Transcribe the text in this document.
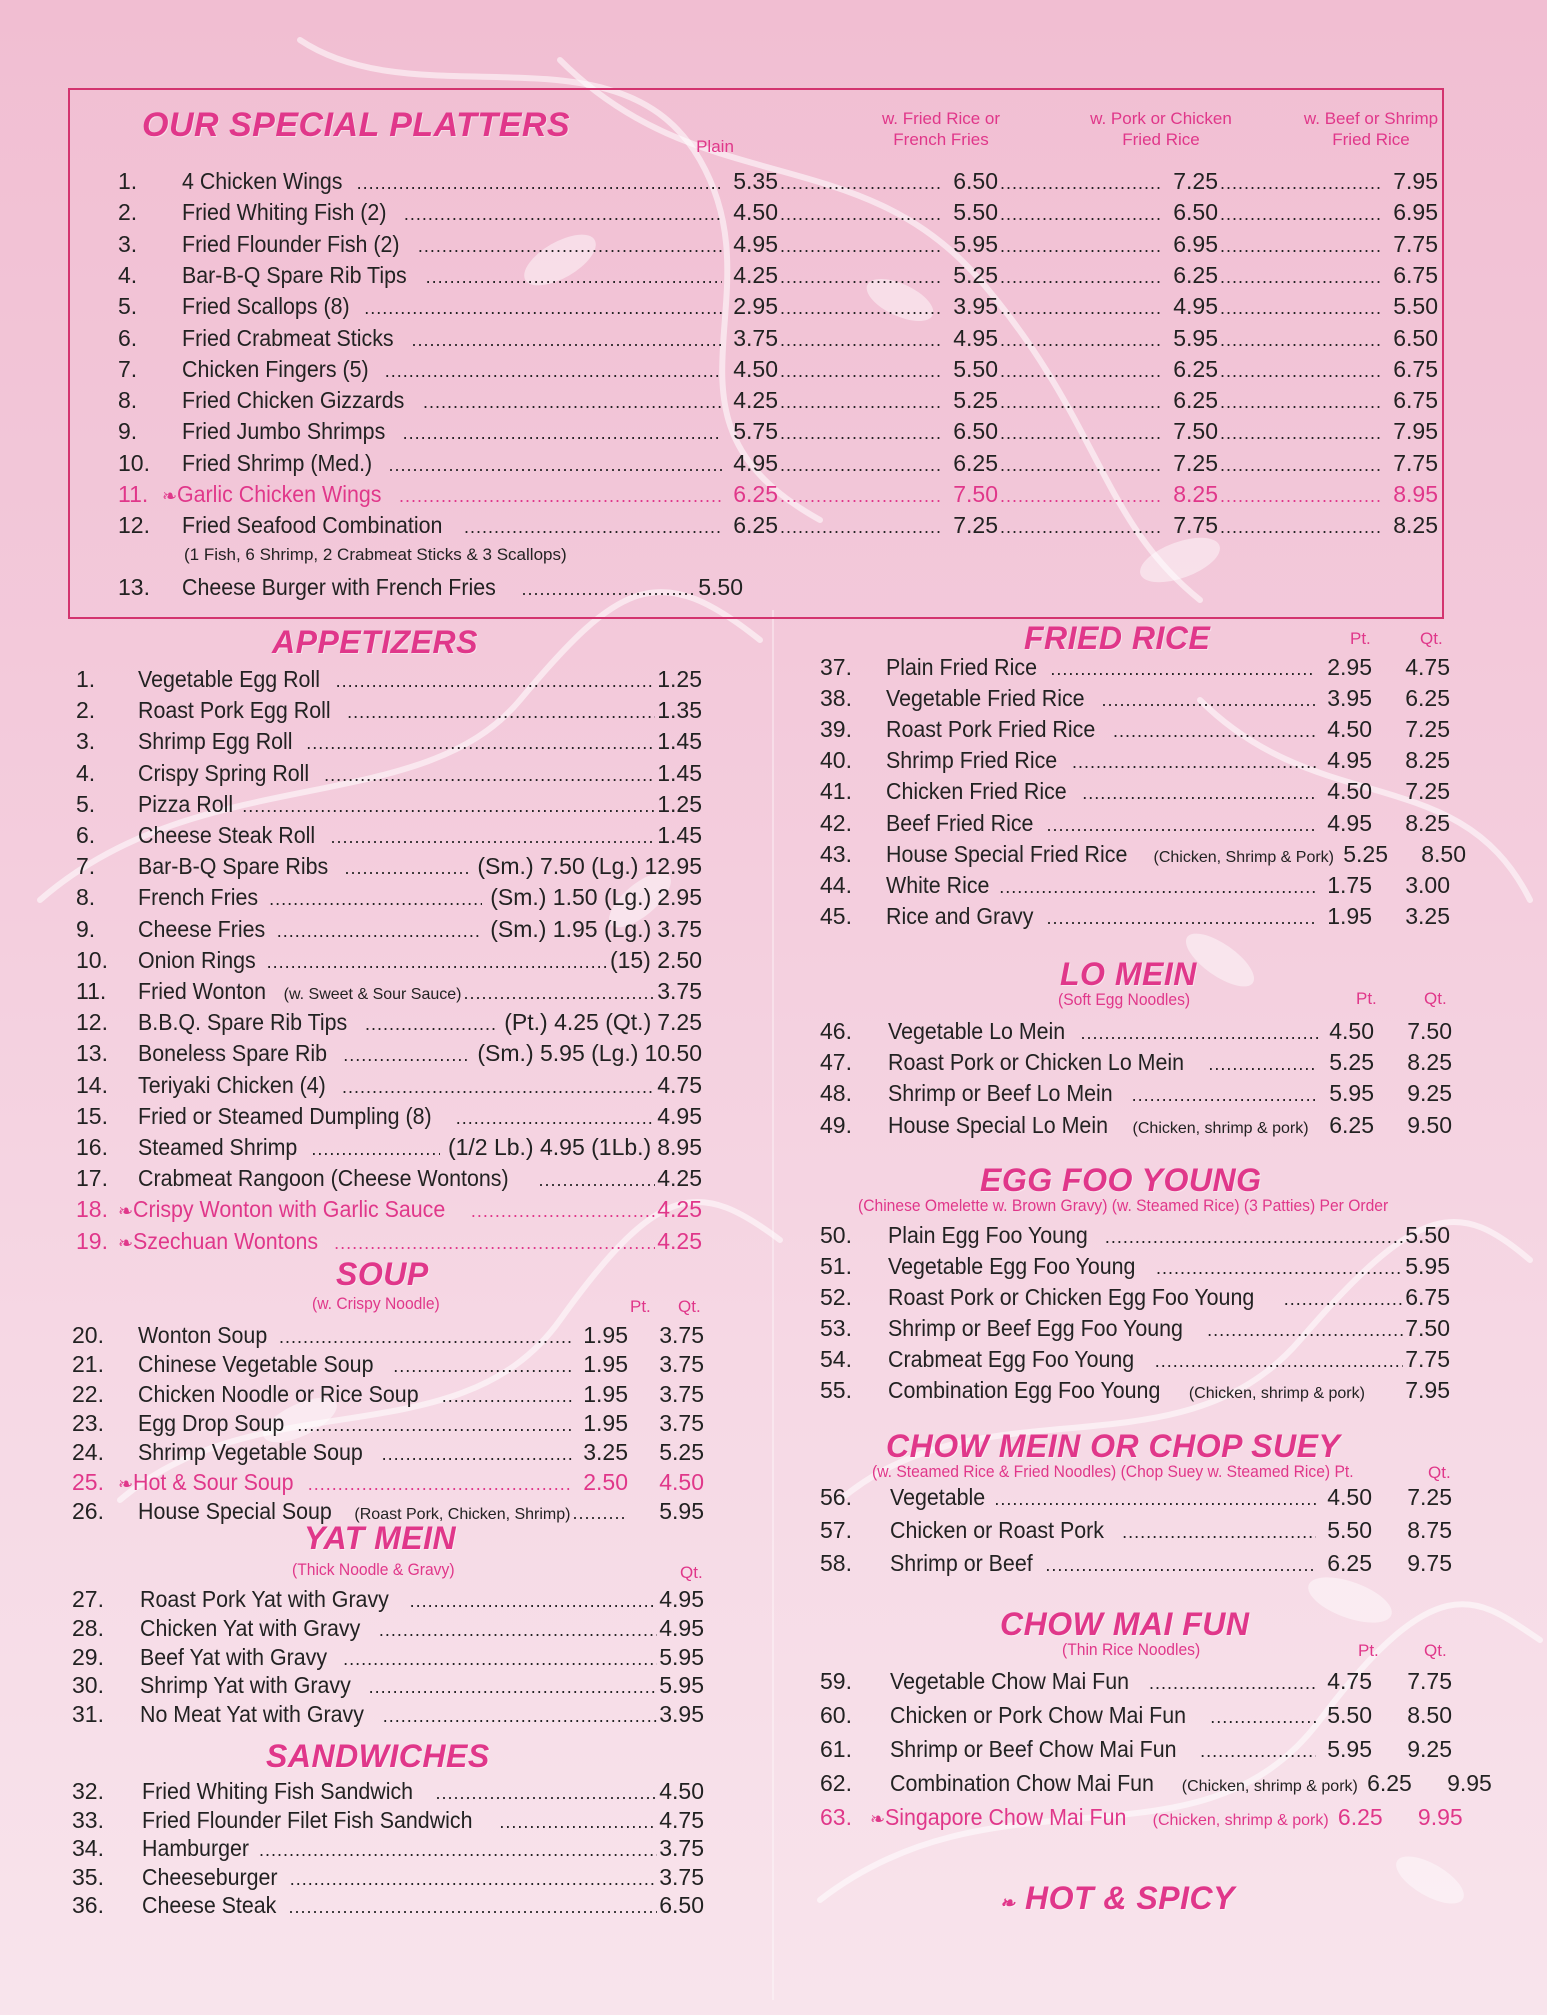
OUR SPECIAL PLATTERS
Plain
w. Fried Rice or French Fries
w. Pork or Chicken Fried Rice
w. Beef or Shrimp Fried Rice
1.	4 Chicken Wings .....	5.35 .....	6.50 .....	7.25 .....	7.95
2.	Fried Whiting Fish (2) .....	4.50 .....	5.50 .....	6.50 .....	6.95
3.	Fried Flounder Fish (2) .....	4.95 .....	5.95 .....	6.95 .....	7.75
4.	Bar-B-Q Spare Rib Tips .....	4.25 .....	5.25 .....	6.25 .....	6.75
5.	Fried Scallops (8) .....	2.95 .....	3.95 .....	4.95 .....	5.50
6.	Fried Crabmeat Sticks .....	3.75 .....	4.95 .....	5.95 .....	6.50
7.	Chicken Fingers (5) .....	4.50 .....	5.50 .....	6.25 .....	6.75
8.	Fried Chicken Gizzards .....	4.25 .....	5.25 .....	6.25 .....	6.75
9.	Fried Jumbo Shrimps .....	5.75 .....	6.50 .....	7.50 .....	7.95
10.	Fried Shrimp (Med.) .....	4.95 .....	6.25 .....	7.25 .....	7.75
11. ❧ Garlic Chicken Wings .....	6.25 .....	7.50 .....	8.25 .....	8.95
12.	Fried Seafood Combination .....	6.25 .....	7.25 .....	7.75 .....	8.25
(1 Fish, 6 Shrimp, 2 Crabmeat Sticks & 3 Scallops)
13.	Cheese Burger with French Fries .....	5.50
APPETIZERS
1.	Vegetable Egg Roll .....	1.25
2.	Roast Pork Egg Roll .....	1.35
3.	Shrimp Egg Roll .....	1.45
4.	Crispy Spring Roll .....	1.45
5.	Pizza Roll .....	1.25
6.	Cheese Steak Roll .....	1.45
7.	Bar-B-Q Spare Ribs .....	(Sm.) 7.50 (Lg.) 12.95
8.	French Fries .....	(Sm.) 1.50 (Lg.) 2.95
9.	Cheese Fries .....	(Sm.) 1.95 (Lg.) 3.75
10.	Onion Rings .....	(15) 2.50
11.	Fried Wonton (w. Sweet & Sour Sauce) .....	3.75
12.	B.B.Q. Spare Rib Tips .....	(Pt.) 4.25 (Qt.) 7.25
13.	Boneless Spare Rib .....	(Sm.) 5.95 (Lg.) 10.50
14.	Teriyaki Chicken (4) .....	4.75
15.	Fried or Steamed Dumpling (8) .....	4.95
16.	Steamed Shrimp .....	(1/2 Lb.) 4.95 (1Lb.) 8.95
17.	Crabmeat Rangoon (Cheese Wontons) .....	4.25
18. ❧ Crispy Wonton with Garlic Sauce .....	4.25
19. ❧ Szechuan Wontons .....	4.25
SOUP
(w. Crispy Noodle)	Pt. Qt.
20.	Wonton Soup .....	1.95	3.75
21.	Chinese Vegetable Soup .....	1.95	3.75
22.	Chicken Noodle or Rice Soup .....	1.95	3.75
23.	Egg Drop Soup .....	1.95	3.75
24.	Shrimp Vegetable Soup .....	3.25	5.25
25. ❧ Hot & Sour Soup .....	2.50	4.50
26.	House Special Soup (Roast Pork, Chicken, Shrimp) .....	5.95
YAT MEIN
(Thick Noodle & Gravy)	Qt.
27.	Roast Pork Yat with Gravy .....	4.95
28.	Chicken Yat with Gravy .....	4.95
29.	Beef Yat with Gravy .....	5.95
30.	Shrimp Yat with Gravy .....	5.95
31.	No Meat Yat with Gravy .....	3.95
SANDWICHES
32.	Fried Whiting Fish Sandwich .....	4.50
33.	Fried Flounder Filet Fish Sandwich .....	4.75
34.	Hamburger .....	3.75
35.	Cheeseburger .....	3.75
36.	Cheese Steak .....	6.50
FRIED RICE	Pt.	Qt.
37.	Plain Fried Rice .....	2.95	4.75
38.	Vegetable Fried Rice .....	3.95	6.25
39.	Roast Pork Fried Rice .....	4.50	7.25
40.	Shrimp Fried Rice .....	4.95	8.25
41.	Chicken Fried Rice .....	4.50	7.25
42.	Beef Fried Rice .....	4.95	8.25
43.	House Special Fried Rice (Chicken, Shrimp & Pork) 5.25	8.50
44.	White Rice .....	1.75	3.00
45.	Rice and Gravy .....	1.95	3.25
LO MEIN
(Soft Egg Noodles)	Pt.	Qt.
46.	Vegetable Lo Mein .....	4.50	7.50
47.	Roast Pork or Chicken Lo Mein .....	5.25	8.25
48.	Shrimp or Beef Lo Mein .....	5.95	9.25
49.	House Special Lo Mein (Chicken, shrimp & pork) 6.25	9.50
EGG FOO YOUNG
(Chinese Omelette w. Brown Gravy) (w. Steamed Rice) (3 Patties) Per Order
50.	Plain Egg Foo Young .....	5.50
51.	Vegetable Egg Foo Young .....	5.95
52.	Roast Pork or Chicken Egg Foo Young .....	6.75
53.	Shrimp or Beef Egg Foo Young .....	7.50
54.	Crabmeat Egg Foo Young .....	7.75
55.	Combination Egg Foo Young (Chicken, shrimp & pork) 7.95
CHOW MEIN OR CHOP SUEY
(w. Steamed Rice & Fried Noodles) (Chop Suey w. Steamed Rice) Pt.	Qt.
56.	Vegetable .....	4.50	7.25
57.	Chicken or Roast Pork .....	5.50	8.75
58.	Shrimp or Beef .....	6.25	9.75
CHOW MAI FUN
(Thin Rice Noodles)	Pt.	Qt.
59.	Vegetable Chow Mai Fun .....	4.75	7.75
60.	Chicken or Pork Chow Mai Fun .....	5.50	8.50
61.	Shrimp or Beef Chow Mai Fun .....	5.95	9.25
62.	Combination Chow Mai Fun (Chicken, shrimp & pork) 6.25	9.95
63.	❧ Singapore Chow Mai Fun (Chicken, shrimp & pork) 6.25	9.95
❧ HOT & SPICY
